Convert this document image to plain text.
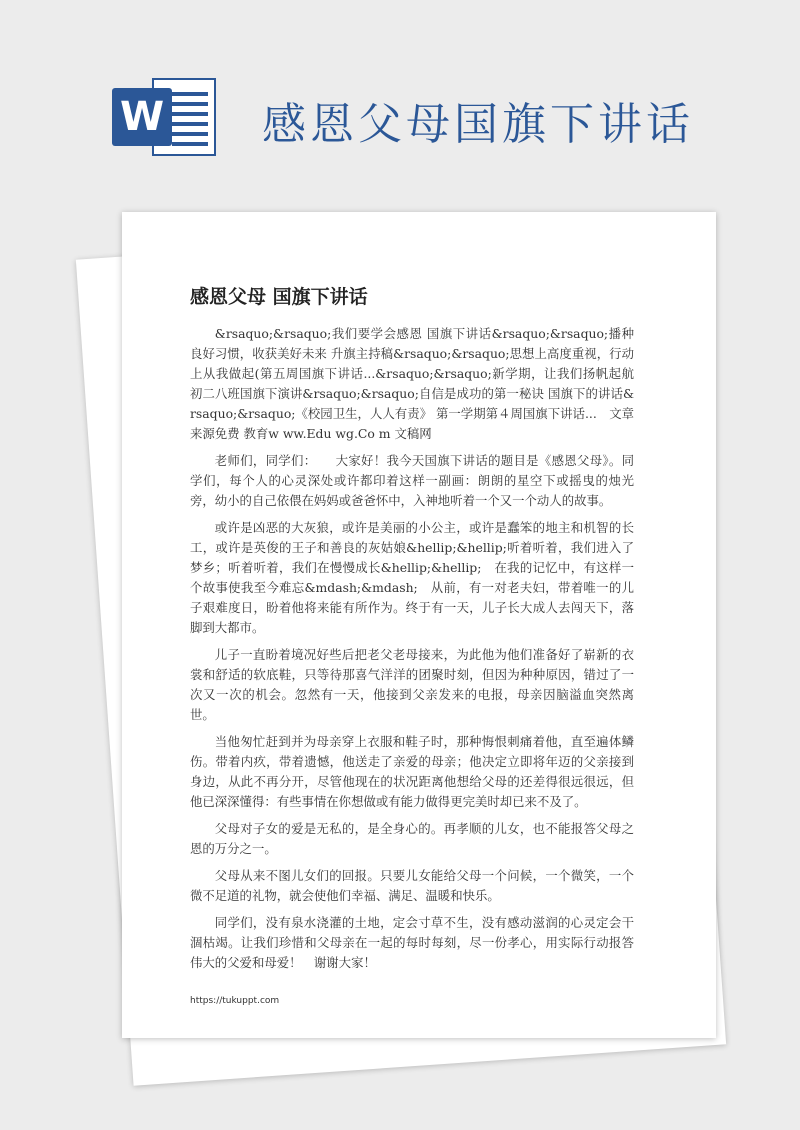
W 感恩父母国旗下讲话
感恩父母 国旗下讲话

&rsaquo;&rsaquo;我们要学会感恩 国旗下讲话&rsaquo;&rsaquo;播种良好习惯，收获美好未来 升旗主持稿&rsaquo;&rsaquo;思想上高度重视，行动上从我做起(第五周国旗下讲话...&rsaquo;&rsaquo;新学期，让我们扬帆起航 初二八班国旗下演讲&rsaquo;&rsaquo;自信是成功的第一秘诀 国旗下的讲话&rsaquo;&rsaquo;《校园卫生，人人有责》 第一学期第４周国旗下讲话...　文章来源免费 教育w ww.Edu wg.Co m 文稿网

老师们，同学们：　　大家好！我今天国旗下讲话的题目是《感恩父母》。同学们，每个人的心灵深处或许都印着这样一副画：朗朗的星空下或摇曳的烛光旁，幼小的自己依偎在妈妈或爸爸怀中，入神地听着一个又一个动人的故事。

或许是凶恶的大灰狼，或许是美丽的小公主，或许是蠢笨的地主和机智的长工，或许是英俊的王子和善良的灰姑娘&hellip;&hellip;听着听着，我们进入了梦乡；听着听着，我们在慢慢成长&hellip;&hellip;　在我的记忆中，有这样一个故事使我至今难忘&mdash;&mdash;　从前，有一对老夫妇，带着唯一的儿子艰难度日，盼着他将来能有所作为。终于有一天，儿子长大成人去闯天下，落脚到大都市。

儿子一直盼着境况好些后把老父老母接来，为此他为他们准备好了崭新的衣裳和舒适的软底鞋，只等待那喜气洋洋的团聚时刻，但因为种种原因，错过了一次又一次的机会。忽然有一天，他接到父亲发来的电报，母亲因脑溢血突然离世。

当他匆忙赶到并为母亲穿上衣服和鞋子时，那种悔恨刺痛着他，直至遍体鳞伤。带着内疚，带着遗憾，他送走了亲爱的母亲；他决定立即将年迈的父亲接到身边，从此不再分开，尽管他现在的状况距离他想给父母的还差得很远很远，但他已深深懂得：有些事情在你想做或有能力做得更完美时却已来不及了。

父母对子女的爱是无私的，是全身心的。再孝顺的儿女，也不能报答父母之恩的万分之一。

父母从来不图儿女们的回报。只要儿女能给父母一个问候，一个微笑，一个微不足道的礼物，就会使他们幸福、满足、温暖和快乐。

同学们，没有泉水浇灌的土地，定会寸草不生，没有感动滋润的心灵定会干涸枯竭。让我们珍惜和父母亲在一起的每时每刻，尽一份孝心，用实际行动报答伟大的父爱和母爱！　谢谢大家！

https://tukuppt.com
